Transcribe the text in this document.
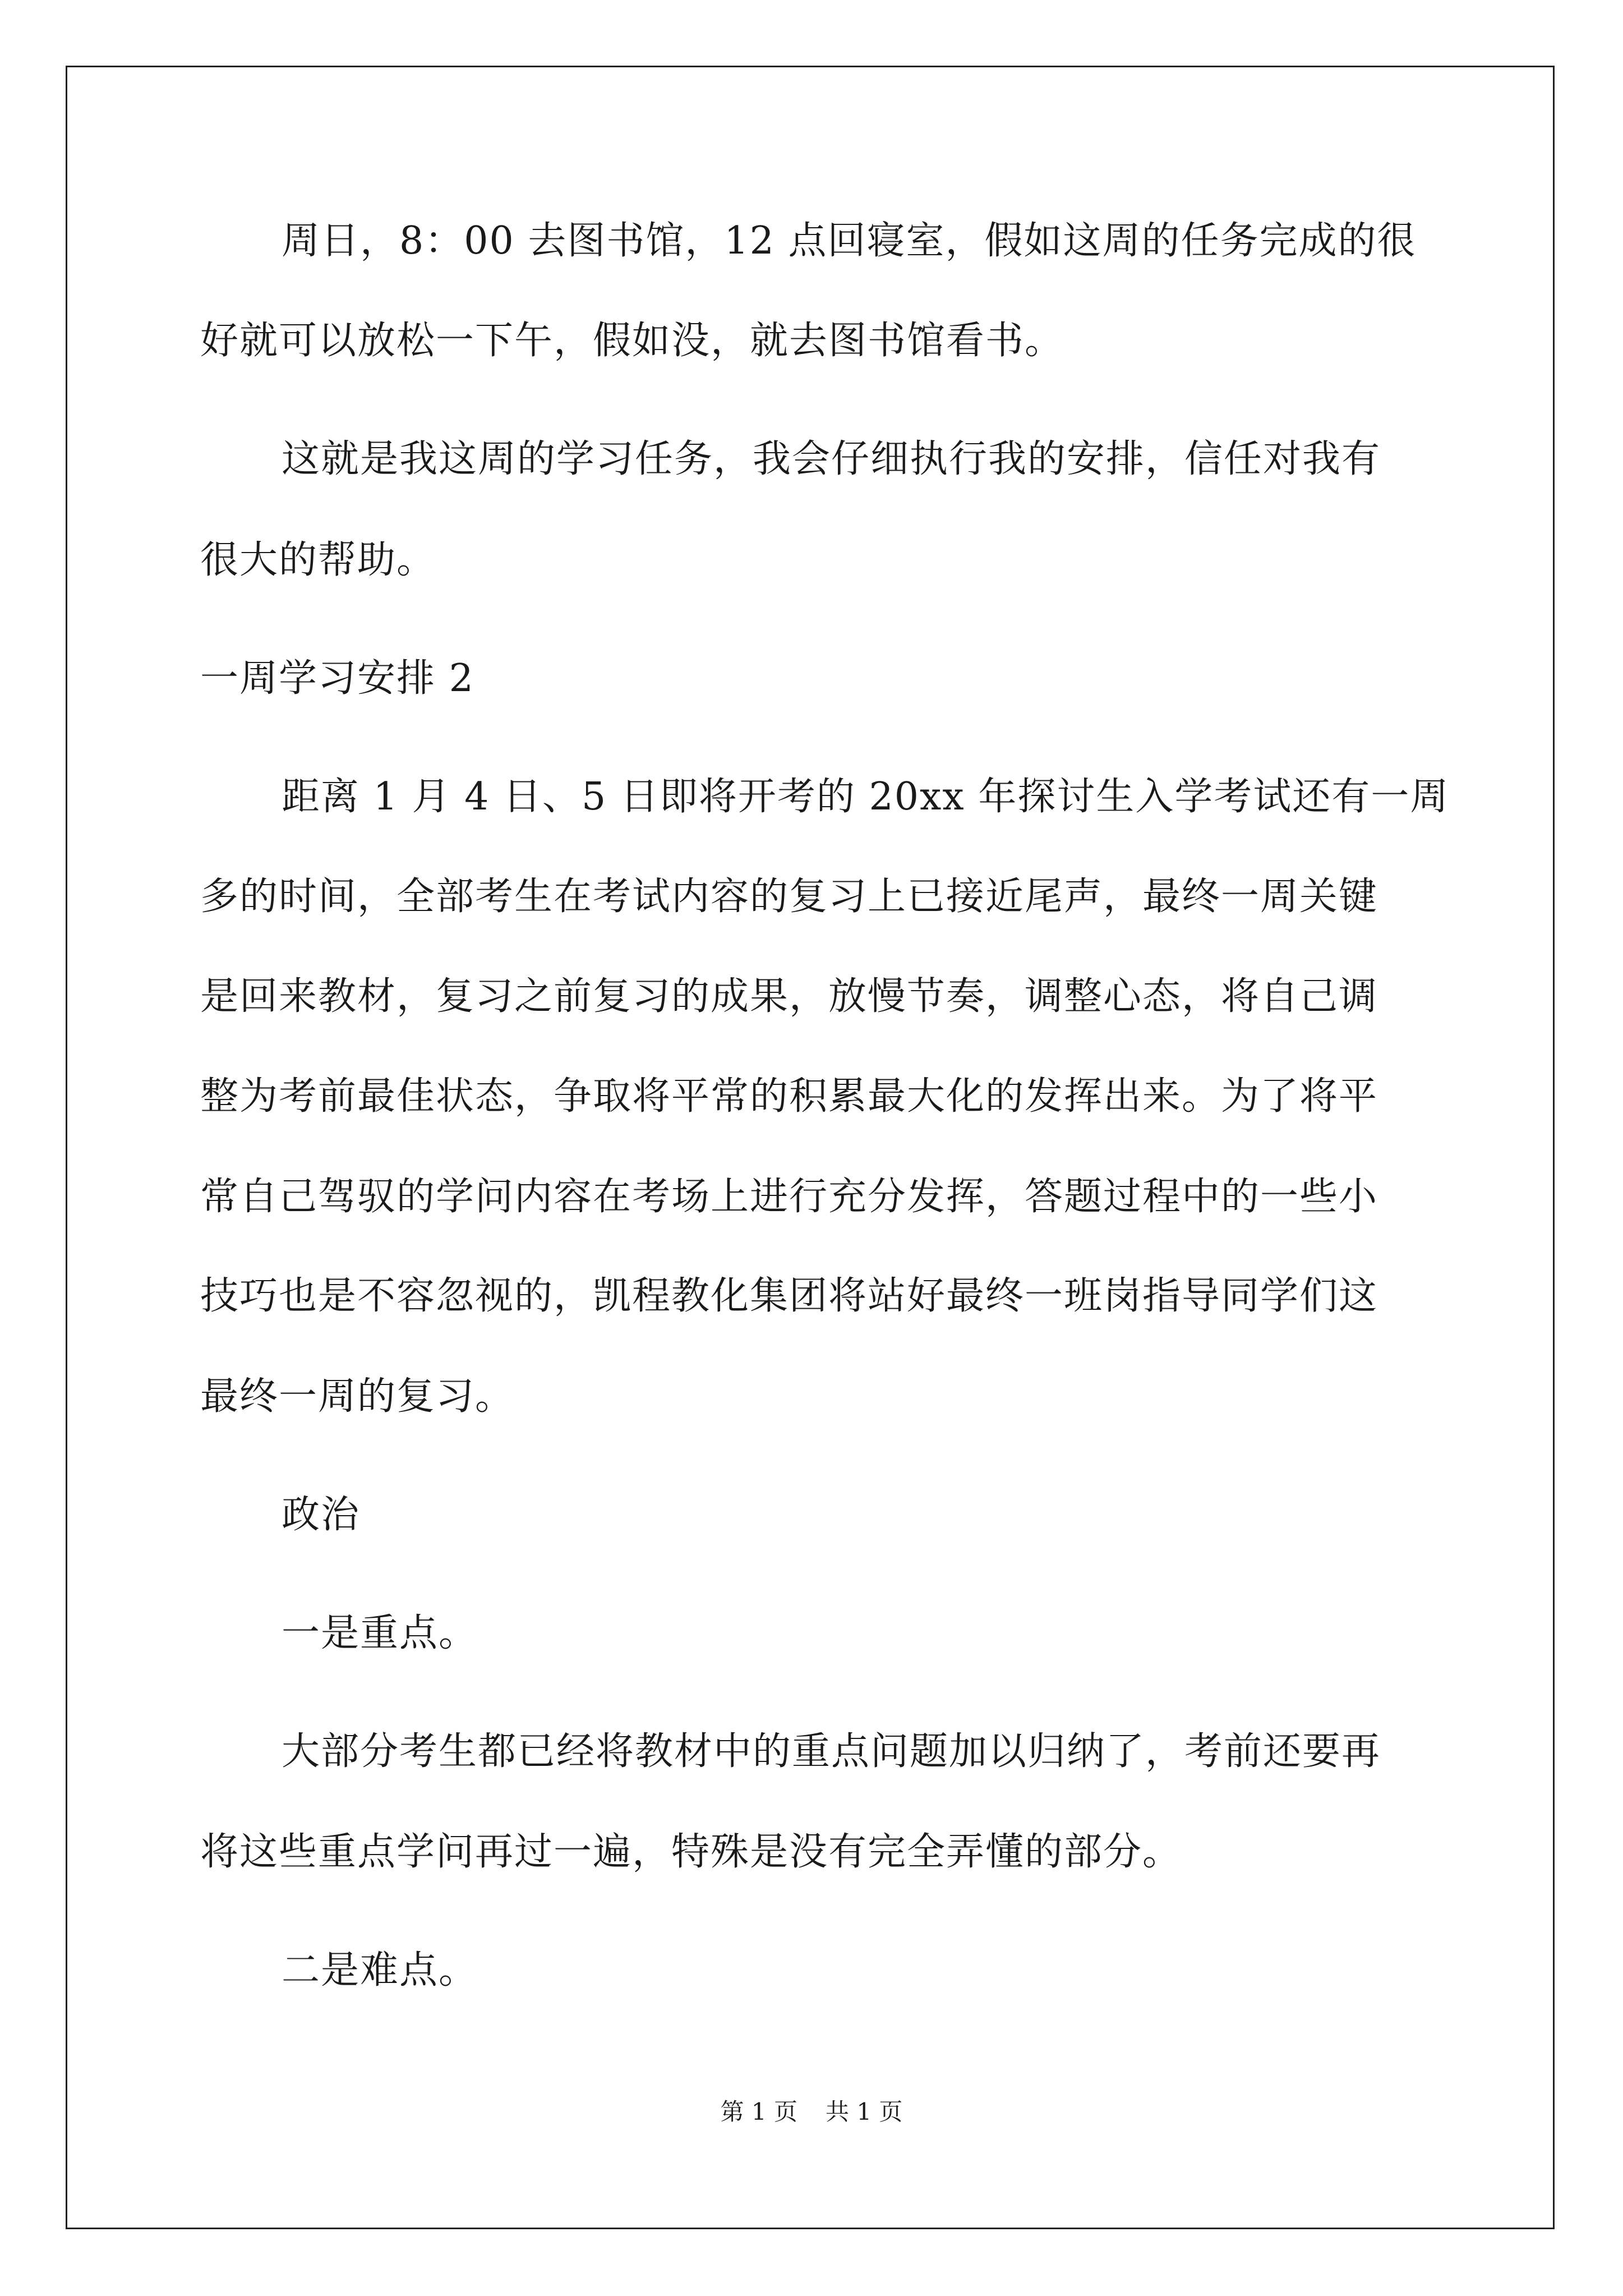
周日，8：00 去图书馆，12 点回寝室，假如这周的任务完成的很
好就可以放松一下午，假如没，就去图书馆看书。
这就是我这周的学习任务，我会仔细执行我的安排，信任对我有
很大的帮助。
一周学习安排 2
距离 1 月 4 日、5 日即将开考的 20xx 年探讨生入学考试还有一周
多的时间，全部考生在考试内容的复习上已接近尾声，最终一周关键
是回来教材，复习之前复习的成果，放慢节奏，调整心态，将自己调
整为考前最佳状态，争取将平常的积累最大化的发挥出来。为了将平
常自己驾驭的学问内容在考场上进行充分发挥，答题过程中的一些小
技巧也是不容忽视的，凯程教化集团将站好最终一班岗指导同学们这
最终一周的复习。
政治
一是重点。
大部分考生都已经将教材中的重点问题加以归纳了，考前还要再
将这些重点学问再过一遍，特殊是没有完全弄懂的部分。
二是难点。
第 1 页 共 1 页
